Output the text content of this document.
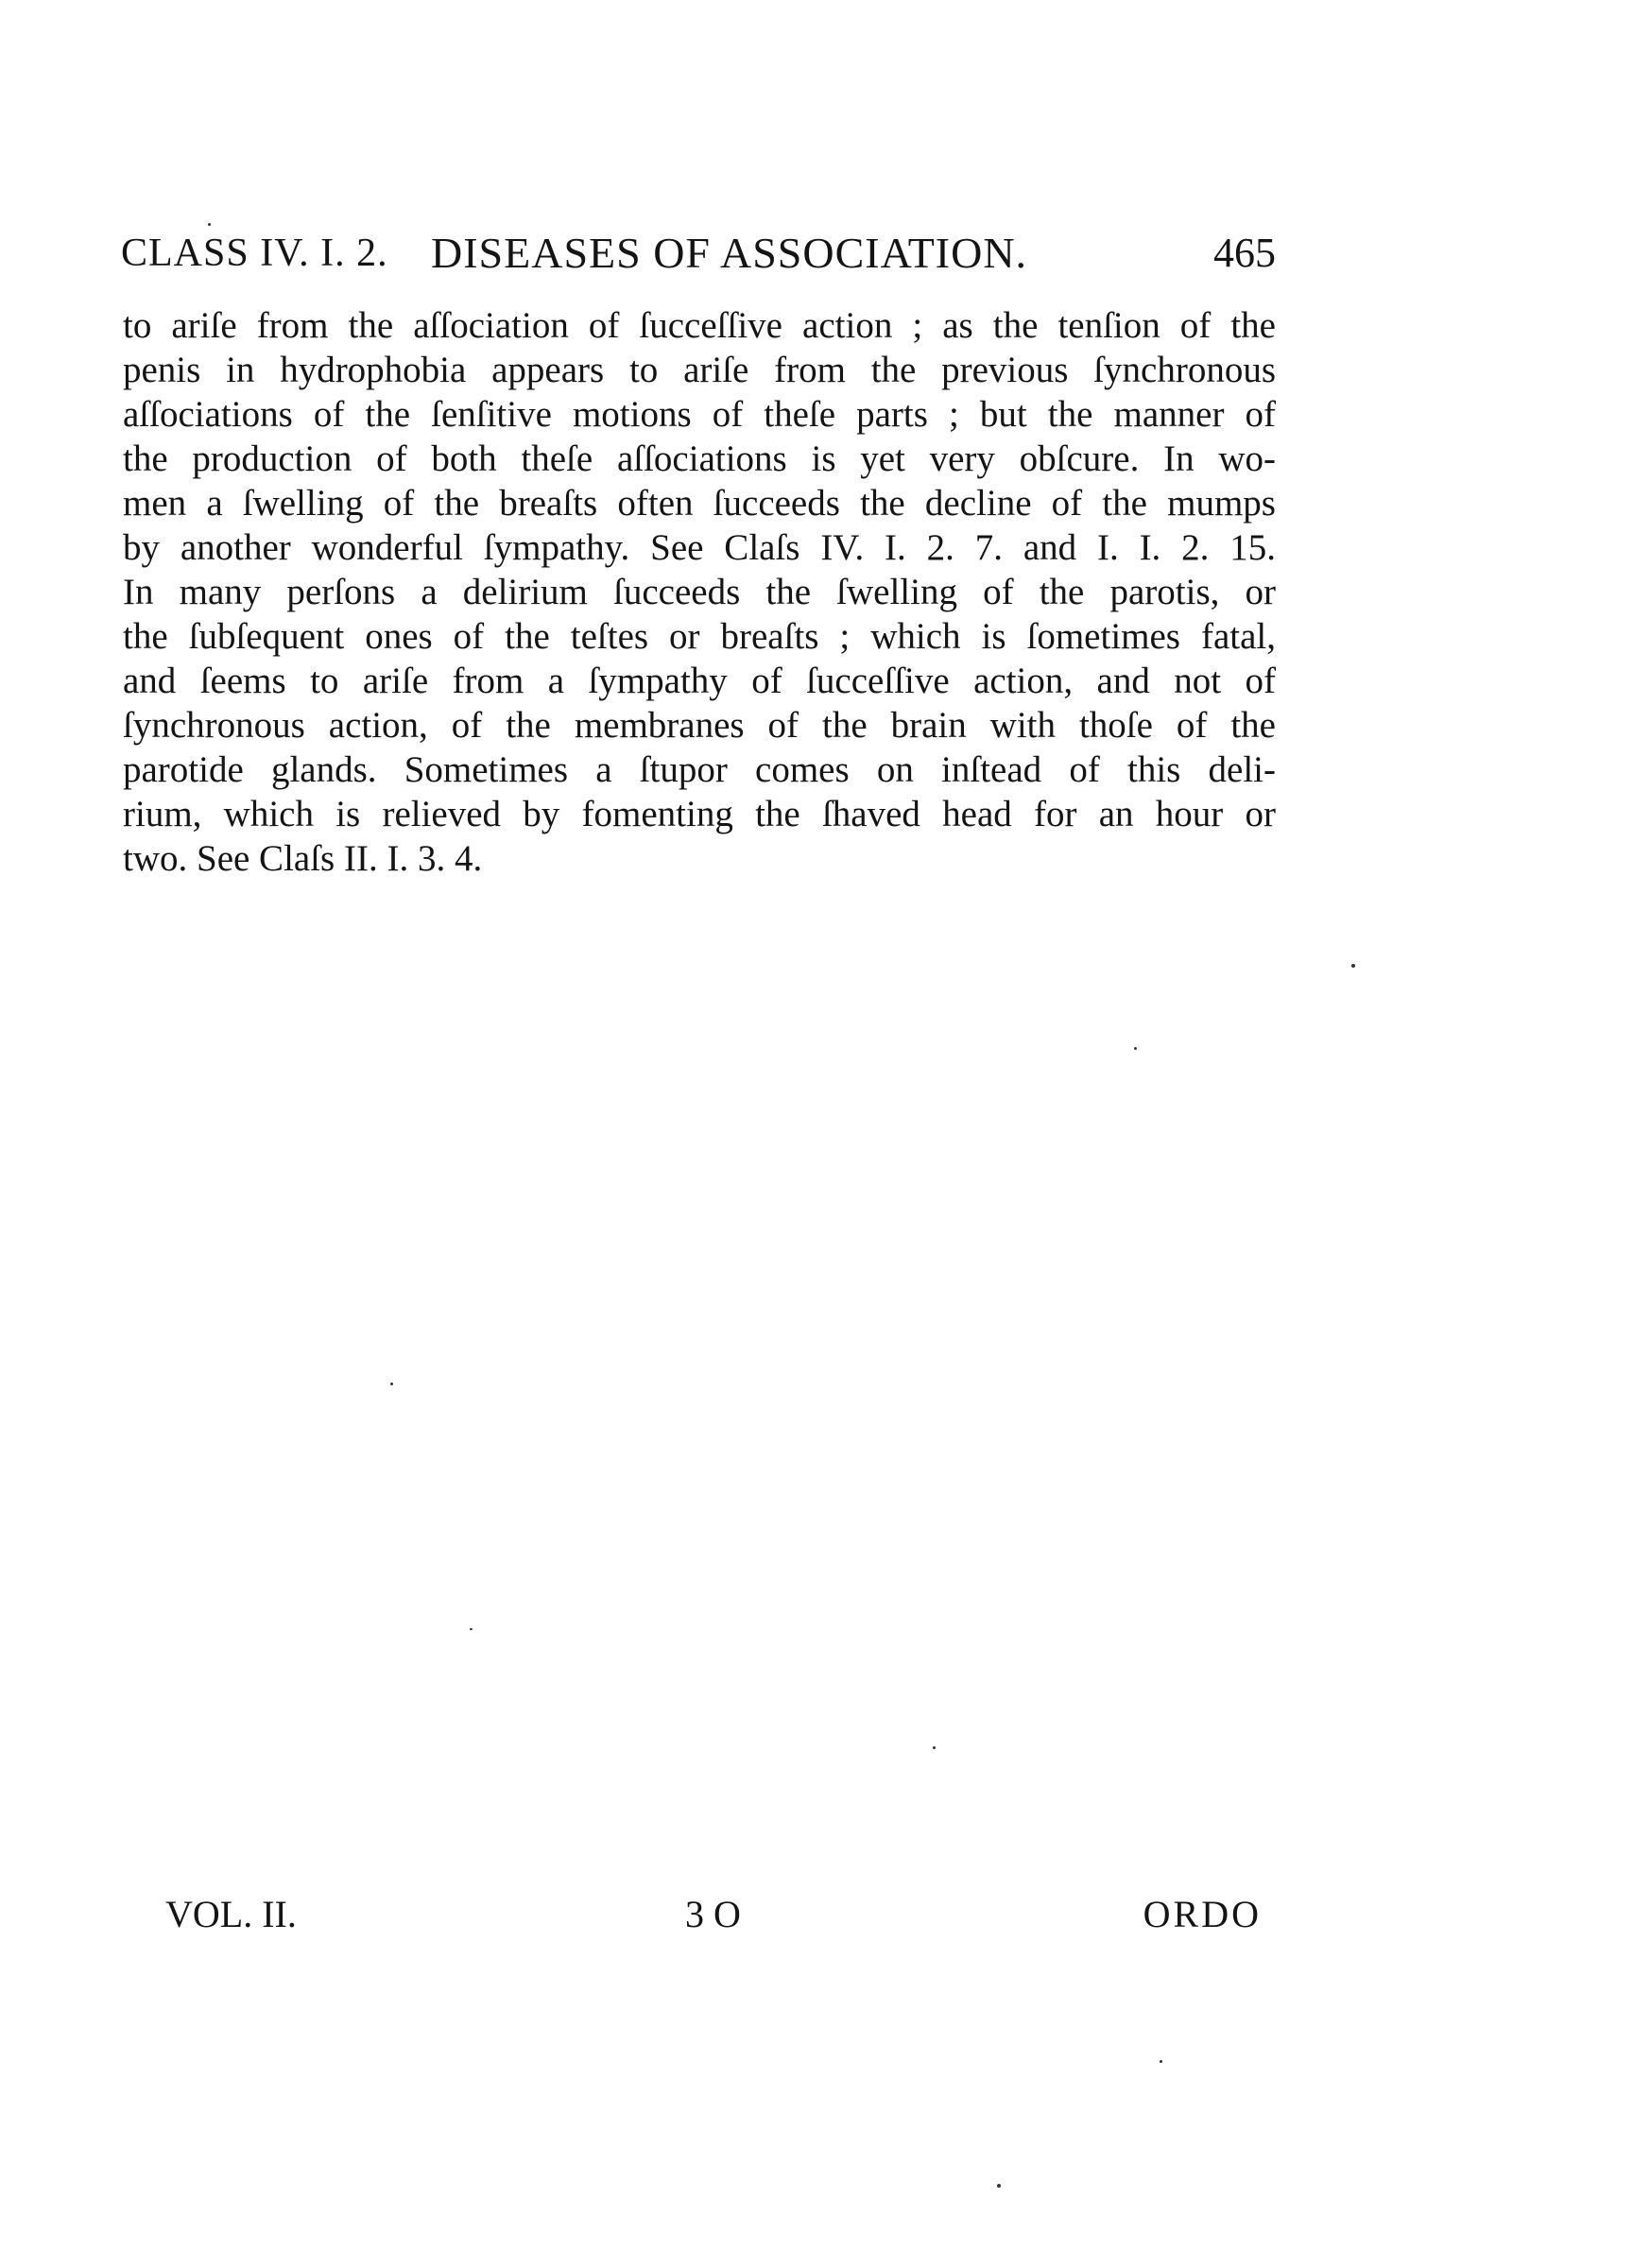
CLASS IV. I. 2. DISEASES OF ASSOCIATION.	465
to ariſe from the aſſociation of ſucceſſive action ; as the tenſion of the
penis in hydrophobia appears to ariſe from the previous ſynchronous
aſſociations of the ſenſitive motions of theſe parts ; but the manner of
the production of both theſe aſſociations is yet very obſcure. In wo-
men a ſwelling of the breaſts often ſucceeds the decline of the mumps
by another wonderful ſympathy. See Claſs IV. I. 2. 7. and I. I. 2. 15.
In many perſons a delirium ſucceeds the ſwelling of the parotis, or
the ſubſequent ones of the teſtes or breaſts ; which is ſometimes fatal,
and ſeems to ariſe from a ſympathy of ſucceſſive action, and not of
ſynchronous action, of the membranes of the brain with thoſe of the
parotide glands. Sometimes a ſtupor comes on inſtead of this deli-
rium, which is relieved by fomenting the ſhaved head for an hour or
two. See Claſs II. I. 3. 4.
VOL. II.	3 O	ORDO
